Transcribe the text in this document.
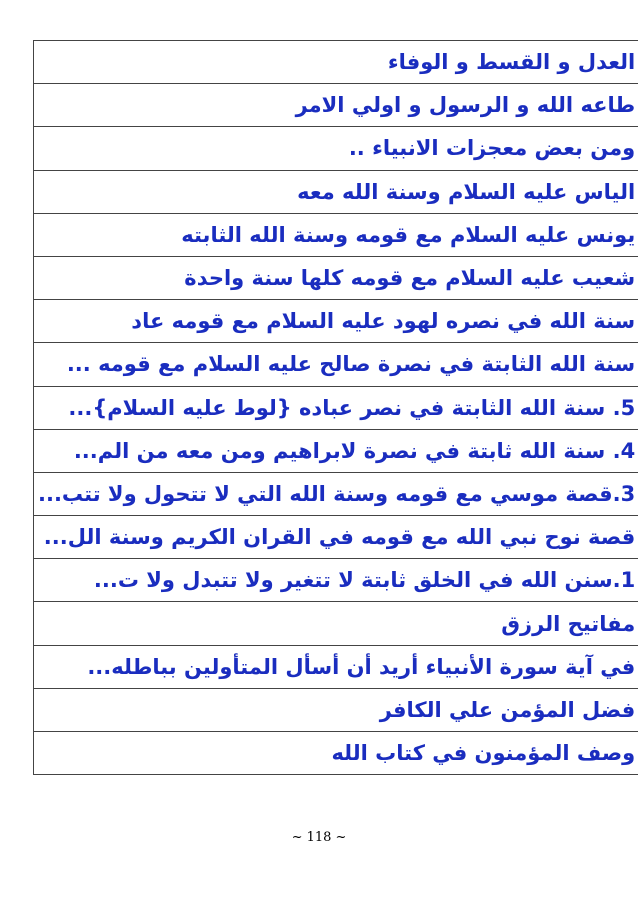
العدل و القسط و الوفاء
طاعه الله و الرسول و اولي الامر
ومن بعض معجزات الانبياء ..
الياس عليه السلام وسنة الله معه
يونس عليه السلام مع قومه وسنة الله الثابته
شعيب عليه السلام مع قومه كلها سنة واحدة
سنة الله في نصره لهود عليه السلام مع قومه عاد
سنة الله الثابتة في نصرة صالح عليه السلام مع قومه ...
5. سنة الله الثابتة في نصر عباده {لوط عليه السلام}...
4. سنة الله ثابتة في نصرة لابراهيم ومن معه من الم...
3.قصة موسي مع قومه وسنة الله التي لا تتحول ولا تتب...
قصة نوح نبي الله مع قومه في القران الكريم وسنة الل...
1.سنن الله في الخلق ثابتة لا تتغير ولا تتبدل ولا ت...
مفاتيح الرزق
في آية سورة الأنبياء أريد أن أسأل المتأولين بباطله...
فضل المؤمن علي الكافر
وصف المؤمنون في كتاب الله
~ 118 ~
